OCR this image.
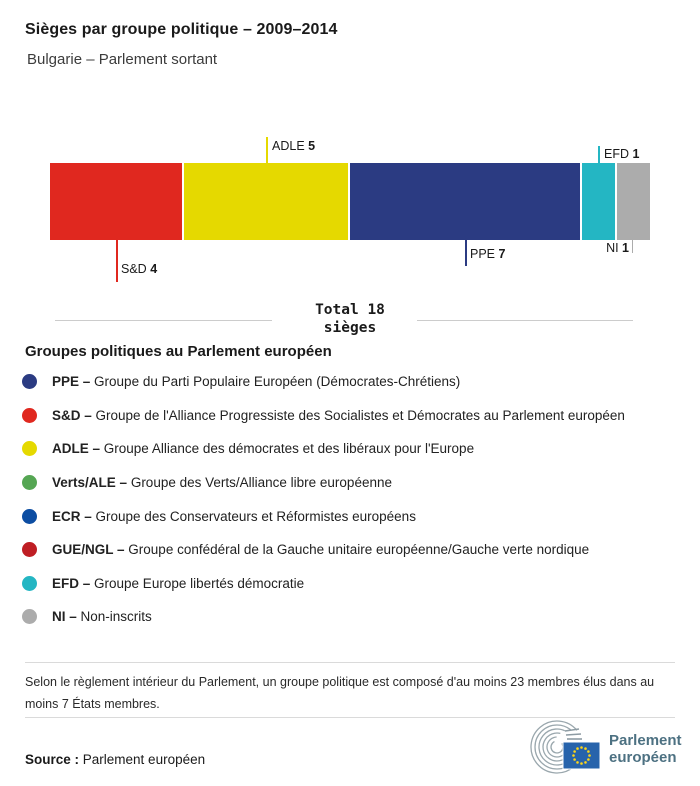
Sièges par groupe politique – 2009–2014
Bulgarie – Parlement sortant
ADLE 5
EFD 1
S&D 4
PPE 7	NI 1
Total 18
sièges
Groupes politiques au Parlement européen
PPE – Groupe du Parti Populaire Européen (Démocrates-Chrétiens)
S&D – Groupe de l'Alliance Progressiste des Socialistes et Démocrates au Parlement européen
ADLE – Groupe Alliance des démocrates et des libéraux pour l'Europe
Verts/ALE – Groupe des Verts/Alliance libre européenne
ECR – Groupe des Conservateurs et Réformistes européens
GUE/NGL – Groupe confédéral de la Gauche unitaire européenne/Gauche verte nordique
EFD – Groupe Europe libertés démocratie
NI – Non-inscrits
Selon le règlement intérieur du Parlement, un groupe politique est composé d'au moins 23 membres élus dans au moins 7 États membres.
Source : Parlement européen
Parlement
européen
